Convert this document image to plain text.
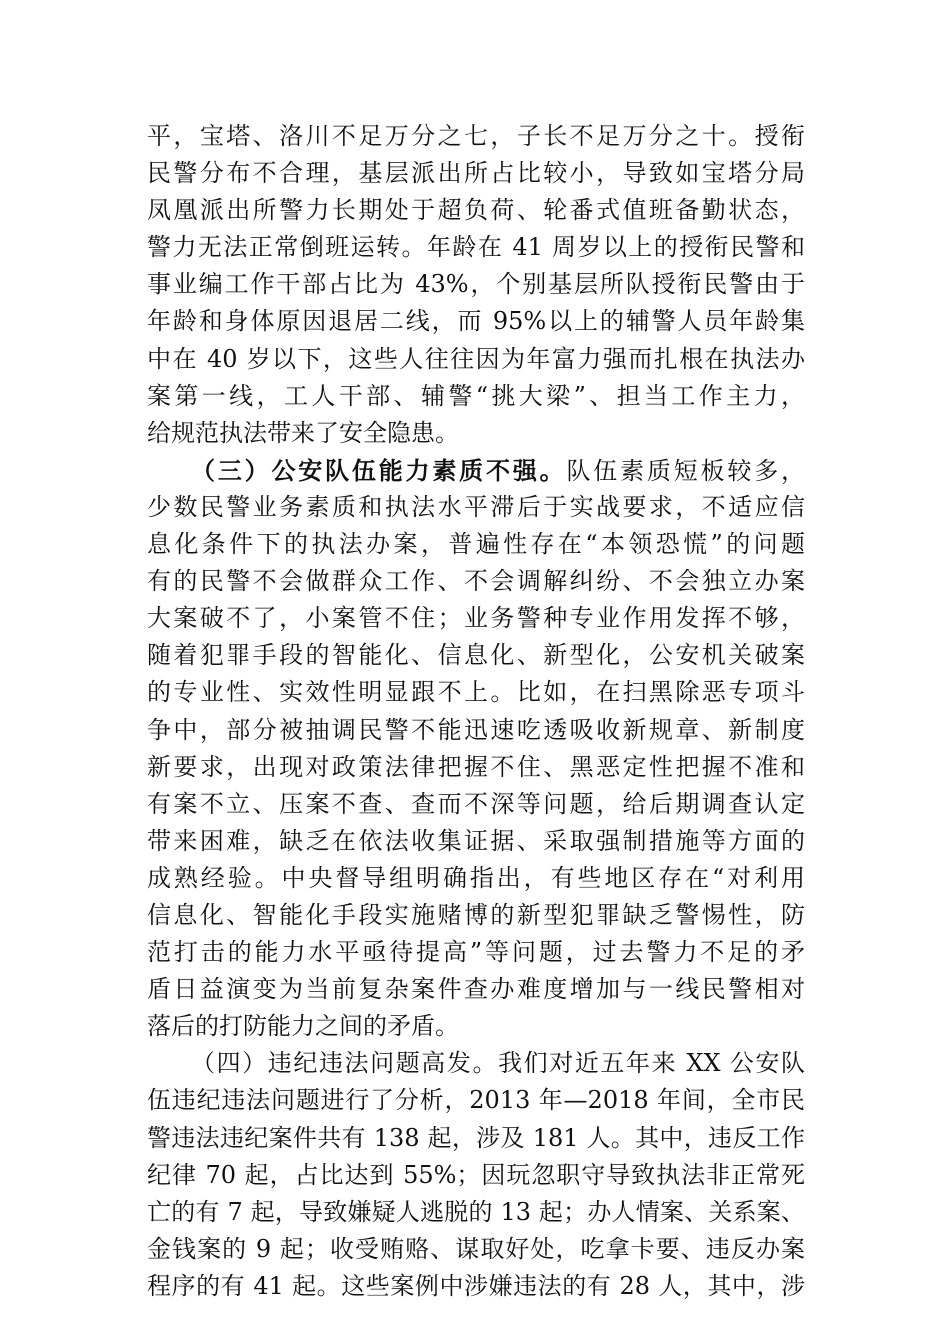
平，宝塔、洛川不足万分之七，子长不足万分之十。授衔
民警分布不合理，基层派出所占比较小，导致如宝塔分局
凤凰派出所警力长期处于超负荷、轮番式值班备勤状态，
警力无法正常倒班运转。年龄在 41 周岁以上的授衔民警和
事业编工作干部占比为 43%，个别基层所队授衔民警由于
年龄和身体原因退居二线，而 95%以上的辅警人员年龄集
中在 40 岁以下，这些人往往因为年富力强而扎根在执法办
案第一线，工人干部、辅警“挑大梁”、担当工作主力，
给规范执法带来了安全隐患。
（三）公安队伍能力素质不强。队伍素质短板较多，
少数民警业务素质和执法水平滞后于实战要求，不适应信
息化条件下的执法办案，普遍性存在“本领恐慌”的问题
有的民警不会做群众工作、不会调解纠纷、不会独立办案
大案破不了，小案管不住；业务警种专业作用发挥不够，
随着犯罪手段的智能化、信息化、新型化，公安机关破案
的专业性、实效性明显跟不上。比如，在扫黑除恶专项斗
争中，部分被抽调民警不能迅速吃透吸收新规章、新制度
新要求，出现对政策法律把握不住、黑恶定性把握不准和
有案不立、压案不查、查而不深等问题，给后期调查认定
带来困难，缺乏在依法收集证据、采取强制措施等方面的
成熟经验。中央督导组明确指出，有些地区存在“对利用
信息化、智能化手段实施赌博的新型犯罪缺乏警惕性，防
范打击的能力水平亟待提高”等问题，过去警力不足的矛
盾日益演变为当前复杂案件查办难度增加与一线民警相对
落后的打防能力之间的矛盾。
（四）违纪违法问题高发。我们对近五年来 XX 公安队
伍违纪违法问题进行了分析，2013 年—2018 年间，全市民
警违法违纪案件共有 138 起，涉及 181 人。其中，违反工作
纪律 70 起，占比达到 55%；因玩忽职守导致执法非正常死
亡的有 7 起，导致嫌疑人逃脱的 13 起；办人情案、关系案、
金钱案的 9 起；收受贿赂、谋取好处，吃拿卡要、违反办案
程序的有 41 起。这些案例中涉嫌违法的有 28 人，其中，涉
